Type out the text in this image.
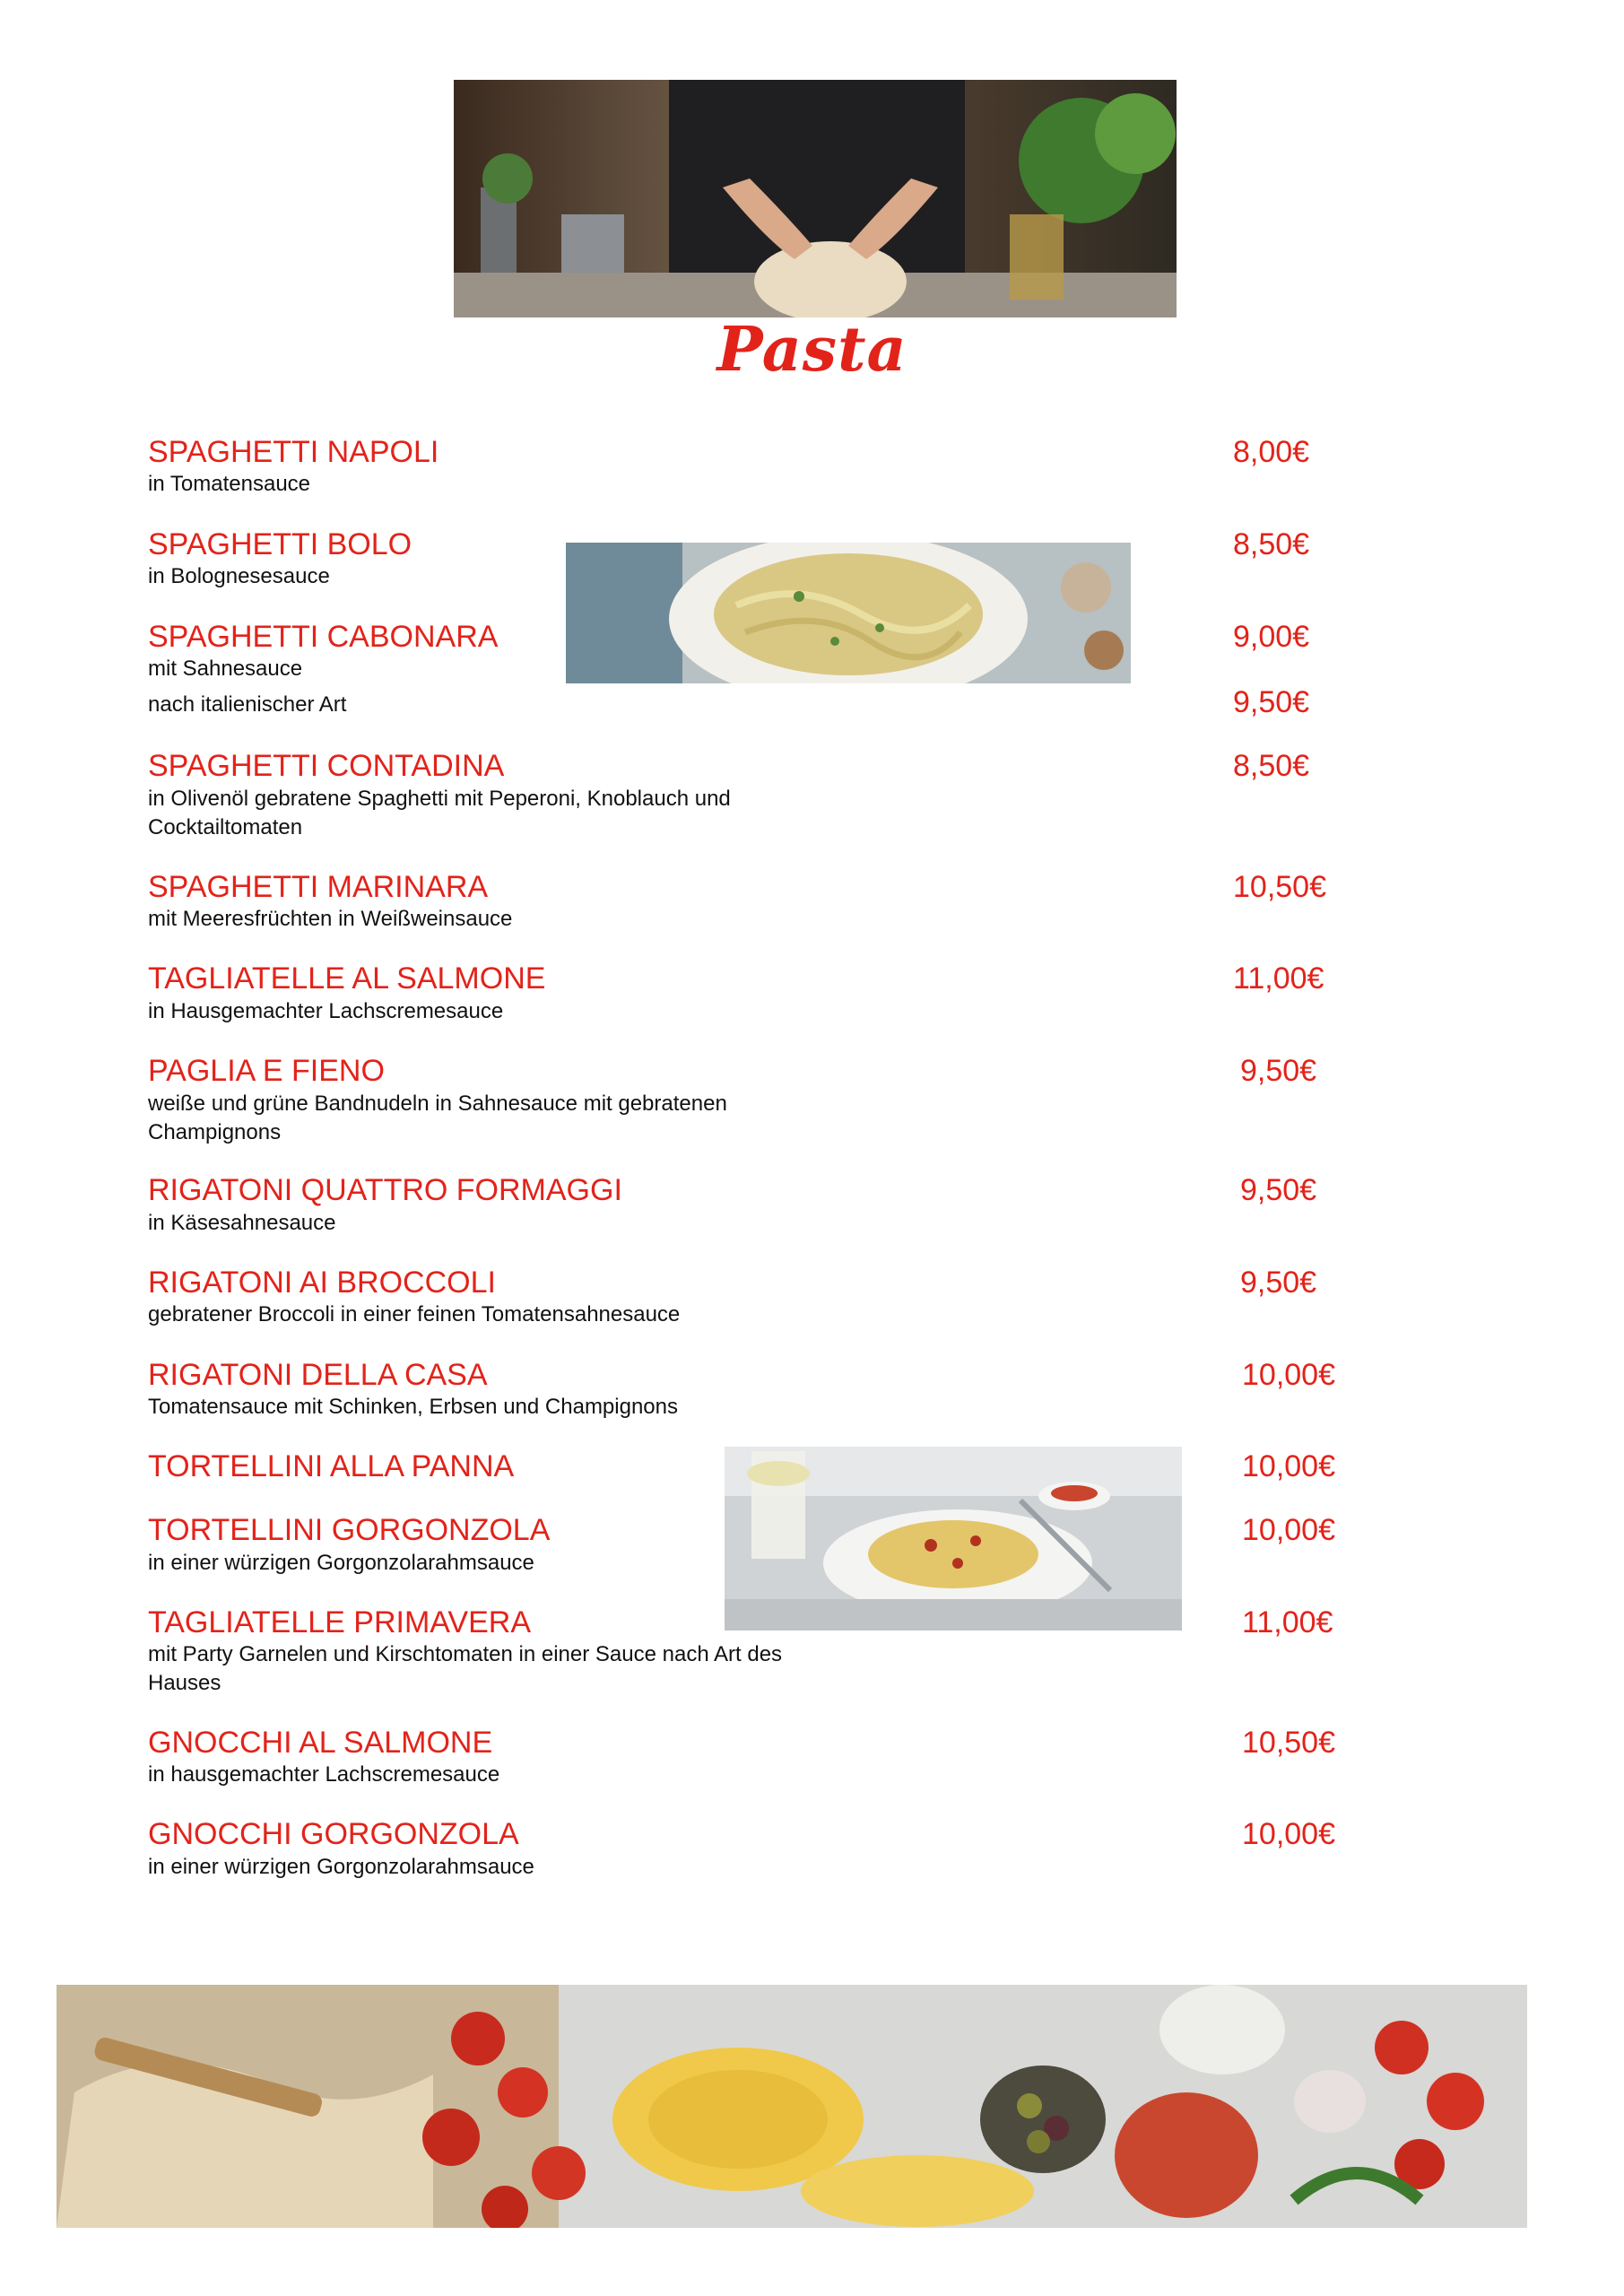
Pasta
SPAGHETTI NAPOLI
in Tomatensauce
8,00€
SPAGHETTI BOLO
in Bolognesesauce
8,50€
SPAGHETTI CABONARA
mit Sahnesauce
9,00€
nach italienischer Art	9,50€
SPAGHETTI CONTADINA
in Olivenöl gebratene Spaghetti mit Peperoni, Knoblauch und Cocktailtomaten
8,50€
SPAGHETTI MARINARA
mit Meeresfrüchten in Weißweinsauce
10,50€
TAGLIATELLE AL SALMONE
in Hausgemachter Lachscremesauce
11,00€
PAGLIA E FIENO
weiße und grüne Bandnudeln in Sahnesauce mit gebratenen Champignons
9,50€
RIGATONI QUATTRO FORMAGGI
in Käsesahnesauce
9,50€
RIGATONI AI BROCCOLI
gebratener Broccoli in einer feinen Tomatensahnesauce
9,50€
RIGATONI DELLA CASA
Tomatensauce mit Schinken, Erbsen und Champignons
10,00€
TORTELLINI ALLA PANNA	10,00€
TORTELLINI GORGONZOLA
in einer würzigen Gorgonzolarahmsauce
10,00€
TAGLIATELLE PRIMAVERA
mit Party Garnelen und Kirschtomaten in einer Sauce nach Art des Hauses
11,00€
GNOCCHI AL SALMONE
in hausgemachter Lachscremesauce
10,50€
GNOCCHI GORGONZOLA
in einer würzigen Gorgonzolarahmsauce
10,00€
